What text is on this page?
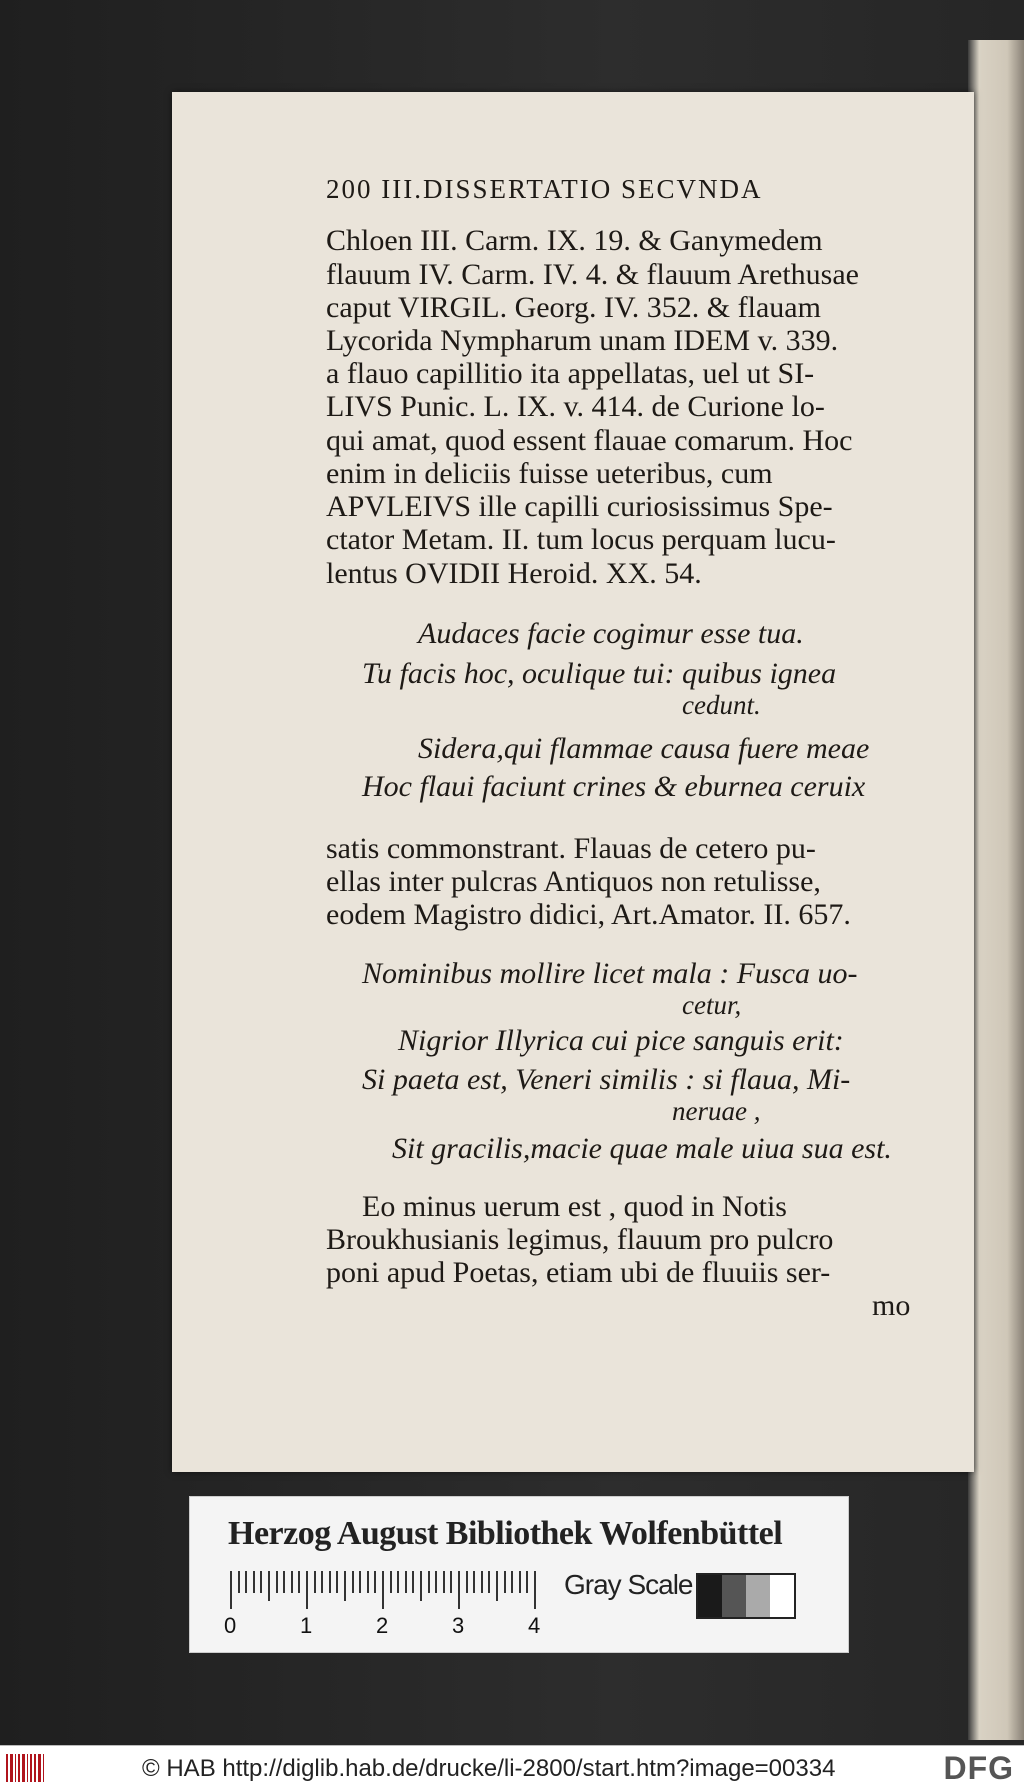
200 III.DISSERTATIO SECVNDA
Chloen III. Carm. IX. 19. & Ganymedem
flauum IV. Carm. IV. 4. & flauum Arethusae
caput VIRGIL. Georg. IV. 352. & flauam
Lycorida Nympharum unam IDEM v. 339.
a flauo capillitio ita appellatas, uel ut SI-
LIVS Punic. L. IX. v. 414. de Curione lo-
qui amat, quod essent flauae comarum. Hoc
enim in deliciis fuisse ueteribus, cum
APVLEIVS ille capilli curiosissimus Spe-
ctator Metam. II. tum locus perquam lucu-
lentus OVIDII Heroid. XX. 54.
Audaces facie cogimur esse tua.
Tu facis hoc, oculique tui: quibus ignea
cedunt.
Sidera,qui flammae causa fuere meae
Hoc flaui faciunt crines & eburnea ceruix
satis commonstrant. Flauas de cetero pu-
ellas inter pulcras Antiquos non retulisse,
eodem Magistro didici, Art.Amator. II. 657.
Nominibus mollire licet mala : Fusca uo-
cetur,
Nigrior Illyrica cui pice sanguis erit:
Si paeta est, Veneri similis : si flaua, Mi-
neruae ,
Sit gracilis,macie quae male uiua sua est.
Eo minus uerum est , quod in Notis
Broukhusianis legimus, flauum pro pulcro
poni apud Poetas, etiam ubi de fluuiis ser-
mo
Herzog August Bibliothek Wolfenbüttel
0	1	2	3	4
Gray Scale
© HAB http://diglib.hab.de/drucke/li-2800/start.htm?image=00334	DFG
